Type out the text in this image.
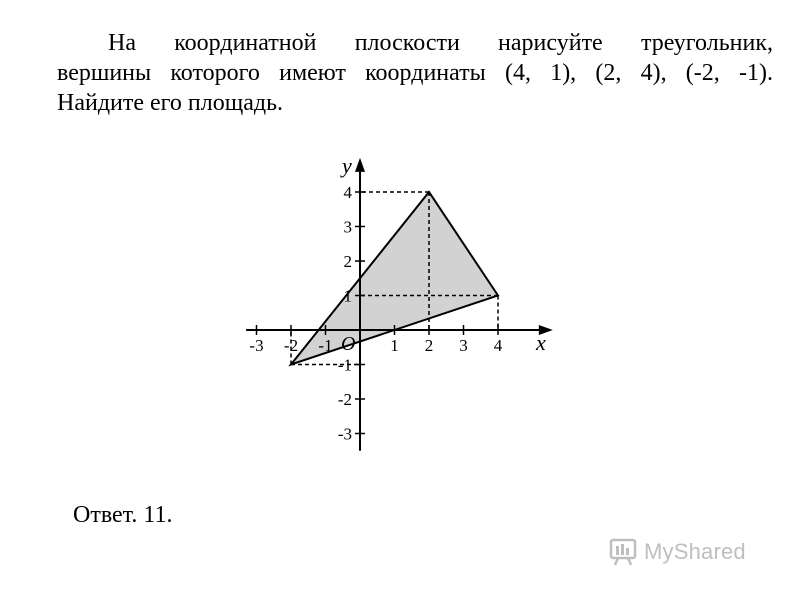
На координатной плоскости нарисуйте треугольник,
вершины которого имеют координаты (4, 1), (2, 4), (-2, -1).
Найдите его площадь.
-3 -2 -1	1 2 3 4
-3
-2
-1
1
2
3
4
x
y
O
Ответ. 11.
MyShared
